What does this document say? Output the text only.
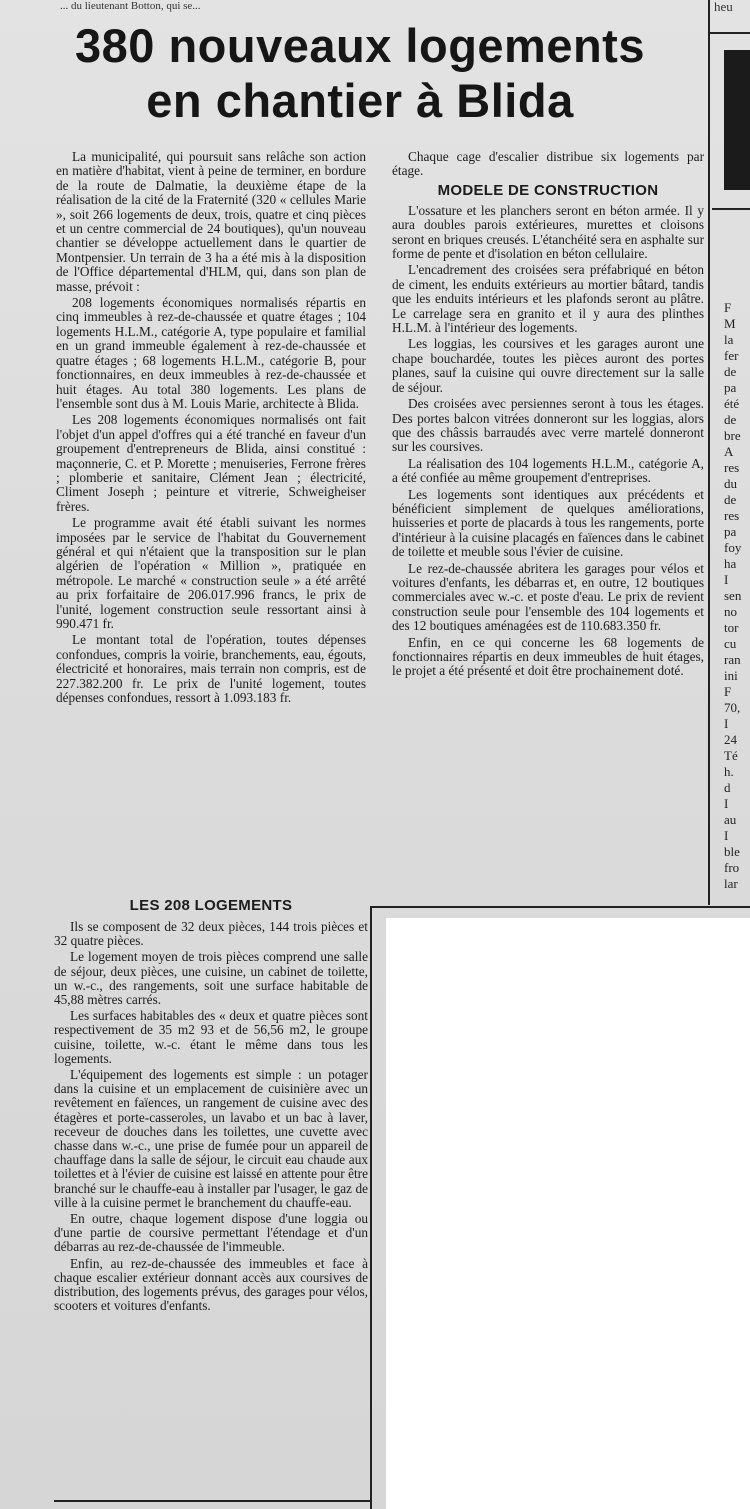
... du lieutenant Botton, qui se...	heu
380 nouveaux logements
en chantier à Blida

La municipalité, qui poursuit sans relâche son action en matière d'habitat, vient à peine de terminer, en bordure de la route de Dalmatie, la deuxième étape de la réalisation de la cité de la Fraternité (320 « cellules Marie », soit 266 logements de deux, trois, quatre et cinq pièces et un centre commercial de 24 boutiques), qu'un nouveau chantier se développe actuellement dans le quartier de Montpensier. Un terrain de 3 ha a été mis à la disposition de l'Office départemental d'HLM, qui, dans son plan de masse, prévoit :

208 logements économiques normalisés répartis en cinq immeubles à rez-de-chaussée et quatre étages ; 104 logements H.L.M., catégorie A, type populaire et familial en un grand immeuble également à rez-de-chaussée et quatre étages ; 68 logements H.L.M., catégorie B, pour fonctionnaires, en deux immeubles à rez-de-chaussée et huit étages. Au total 380 logements. Les plans de l'ensemble sont dus à M. Louis Marie, architecte à Blida.

Les 208 logements économiques normalisés ont fait l'objet d'un appel d'offres qui a été tranché en faveur d'un groupement d'entrepreneurs de Blida, ainsi constitué : maçonnerie, C. et P. Morette ; menuiseries, Ferrone frères ; plomberie et sanitaire, Clément Jean ; électricité, Climent Joseph ; peinture et vitrerie, Schweigheiser frères.

Le programme avait été établi suivant les normes imposées par le service de l'habitat du Gouvernement général et qui n'étaient que la transposition sur le plan algérien de l'opération « Million », pratiquée en métropole. Le marché « construction seule » a été arrêté au prix forfaitaire de 206.017.996 francs, le prix de l'unité, logement construction seule ressortant ainsi à 990.471 fr.

Le montant total de l'opération, toutes dépenses confondues, compris la voirie, branchements, eau, égouts, électricité et honoraires, mais terrain non compris, est de 227.382.200 fr. Le prix de l'unité logement, toutes dépenses confondues, ressort à 1.093.183 fr.

Chaque cage d'escalier distribue six logements par étage.

MODELE DE CONSTRUCTION

L'ossature et les planchers seront en béton armée. Il y aura doubles parois extérieures, murettes et cloisons seront en briques creusés. L'étanchéité sera en asphalte sur forme de pente et d'isolation en béton cellulaire.

L'encadrement des croisées sera préfabriqué en béton de ciment, les enduits extérieurs au mortier bâtard, tandis que les enduits intérieurs et les plafonds seront au plâtre. Le carrelage sera en granito et il y aura des plinthes H.L.M. à l'intérieur des logements.

Les loggias, les coursives et les garages auront une chape bouchardée, toutes les pièces auront des portes planes, sauf la cuisine qui ouvre directement sur la salle de séjour.

Des croisées avec persiennes seront à tous les étages. Des portes balcon vitrées donneront sur les loggias, alors que des châssis barraudés avec verre martelé donneront sur les coursives.

La réalisation des 104 logements H.L.M., catégorie A, a été confiée au même groupement d'entreprises.

Les logements sont identiques aux précédents et bénéficient simplement de quelques améliorations, huisseries et porte de placards à tous les rangements, porte d'intérieur à la cuisine placagés en faïences dans le cabinet de toilette et meuble sous l'évier de cuisine.

Le rez-de-chaussée abritera les garages pour vélos et voitures d'enfants, les débarras et, en outre, 12 boutiques commerciales avec w.-c. et poste d'eau. Le prix de revient construction seule pour l'ensemble des 104 logements et des 12 boutiques aménagées est de 110.683.350 fr.

Enfin, en ce qui concerne les 68 logements de fonctionnaires répartis en deux immeubles de huit étages, le projet a été présenté et doit être prochainement doté.

LES 208 LOGEMENTS

Ils se composent de 32 deux pièces, 144 trois pièces et 32 quatre pièces.

Le logement moyen de trois pièces comprend une salle de séjour, deux pièces, une cuisine, un cabinet de toilette, un w.-c., des rangements, soit une surface habitable de 45,88 mètres carrés.

Les surfaces habitables des « deux et quatre pièces sont respectivement de 35 m2 93 et de 56,56 m2, le groupe cuisine, toilette, w.-c. étant le même dans tous les logements.

L'équipement des logements est simple : un potager dans la cuisine et un emplacement de cuisinière avec un revêtement en faïences, un rangement de cuisine avec des étagères et porte-casseroles, un lavabo et un bac à laver, receveur de douches dans les toilettes, une cuvette avec chasse dans w.-c., une prise de fumée pour un appareil de chauffage dans la salle de séjour, le circuit eau chaude aux toilettes et à l'évier de cuisine est laissé en attente pour être branché sur le chauffe-eau à installer par l'usager, le gaz de ville à la cuisine permet le branchement du chauffe-eau.

En outre, chaque logement dispose d'une loggia ou d'une partie de coursive permettant l'étendage et d'un débarras au rez-de-chaussée de l'immeuble.

Enfin, au rez-de-chaussée des immeubles et face à chaque escalier extérieur donnant accès aux coursives de distribution, des logements prévus, des garages pour vélos, scooters et voitures d'enfants.

F
M
la
fer
de
pa
été
de
bre
A
res
du
de
res
pa
foy
ha
I
sen
no
tor
cu
ran
ini
F
70,
I
24
Té
h.
d
I
au
I
ble
fro
lar
